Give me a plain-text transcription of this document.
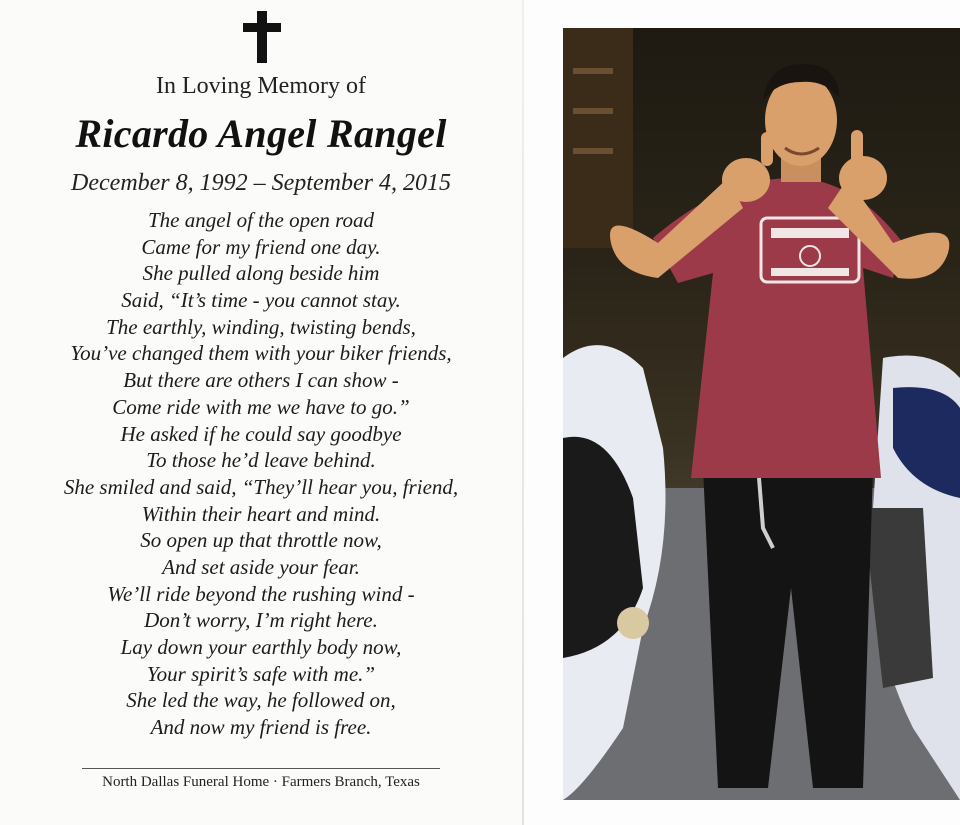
In Loving Memory of
Ricardo Angel Rangel
December 8, 1992 – September 4, 2015
The angel of the open road
Came for my friend one day.
She pulled along beside him
Said, “It’s time - you cannot stay.
The earthly, winding, twisting bends,
You’ve changed them with your biker friends,
But there are others I can show -
Come ride with me we have to go.”
He asked if he could say goodbye
To those he’d leave behind.
She smiled and said, “They’ll hear you, friend,
Within their heart and mind.
So open up that throttle now,
And set aside your fear.
We’ll ride beyond the rushing wind -
Don’t worry, I’m right here.
Lay down your earthly body now,
Your spirit’s safe with me.”
She led the way, he followed on,
And now my friend is free.
North Dallas Funeral Home · Farmers Branch, Texas
